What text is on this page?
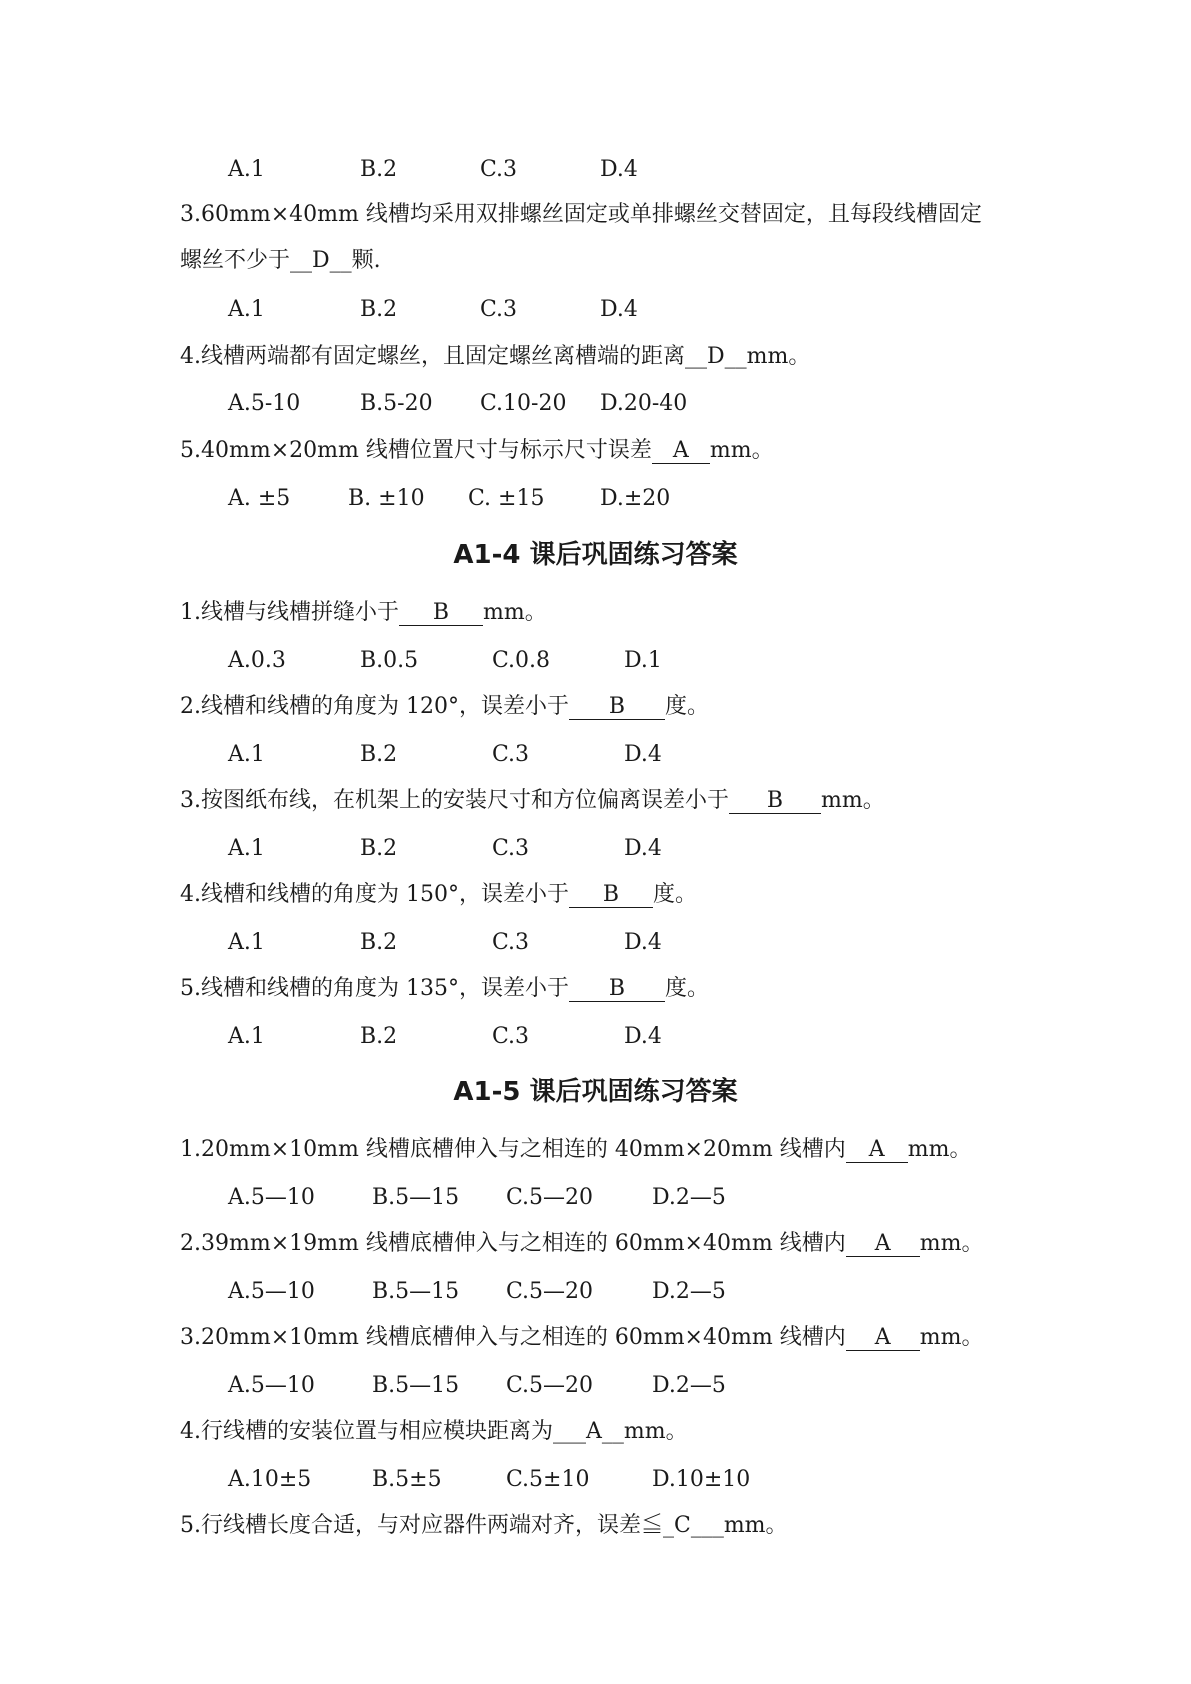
A.1	B.2	C.3	D.4
3.60mm×40mm 线槽均采用双排螺丝固定或单排螺丝交替固定，且每段线槽固定
螺丝不少于__D__颗.
A.1	B.2	C.3	D.4
4.线槽两端都有固定螺丝，且固定螺丝离槽端的距离__D__mm。
A.5-10	B.5-20 C.10-20 D.20-40
5.40mm×20mm 线槽位置尺寸与标示尺寸误差 A mm。
A. ±5	B. ±10 C. ±15	D.±20
A1-4 课后巩固练习答案
1.线槽与线槽拼缝小于 B mm。
A.0.3	B.0.5	C.0.8	D.1
2.线槽和线槽的角度为 120°，误差小于 B 度。
A.1	B.2	C.3	D.4
3.按图纸布线，在机架上的安装尺寸和方位偏离误差小于 B mm。
A.1	B.2	C.3	D.4
4.线槽和线槽的角度为 150°，误差小于 B 度。
A.1	B.2	C.3	D.4
5.线槽和线槽的角度为 135°，误差小于 B 度。
A.1	B.2	C.3	D.4
A1-5 课后巩固练习答案
1.20mm×10mm 线槽底槽伸入与之相连的 40mm×20mm 线槽内 A mm。
A.5—10	B.5—15 C.5—20	D.2—5
2.39mm×19mm 线槽底槽伸入与之相连的 60mm×40mm 线槽内 A mm。
A.5—10	B.5—15 C.5—20	D.2—5
3.20mm×10mm 线槽底槽伸入与之相连的 60mm×40mm 线槽内 A mm。
A.5—10	B.5—15 C.5—20	D.2—5
4.行线槽的安装位置与相应模块距离为___A__mm。
A.10±5	B.5±5	C.5±10	D.10±10
5.行线槽长度合适，与对应器件两端对齐，误差≦_C___mm。
